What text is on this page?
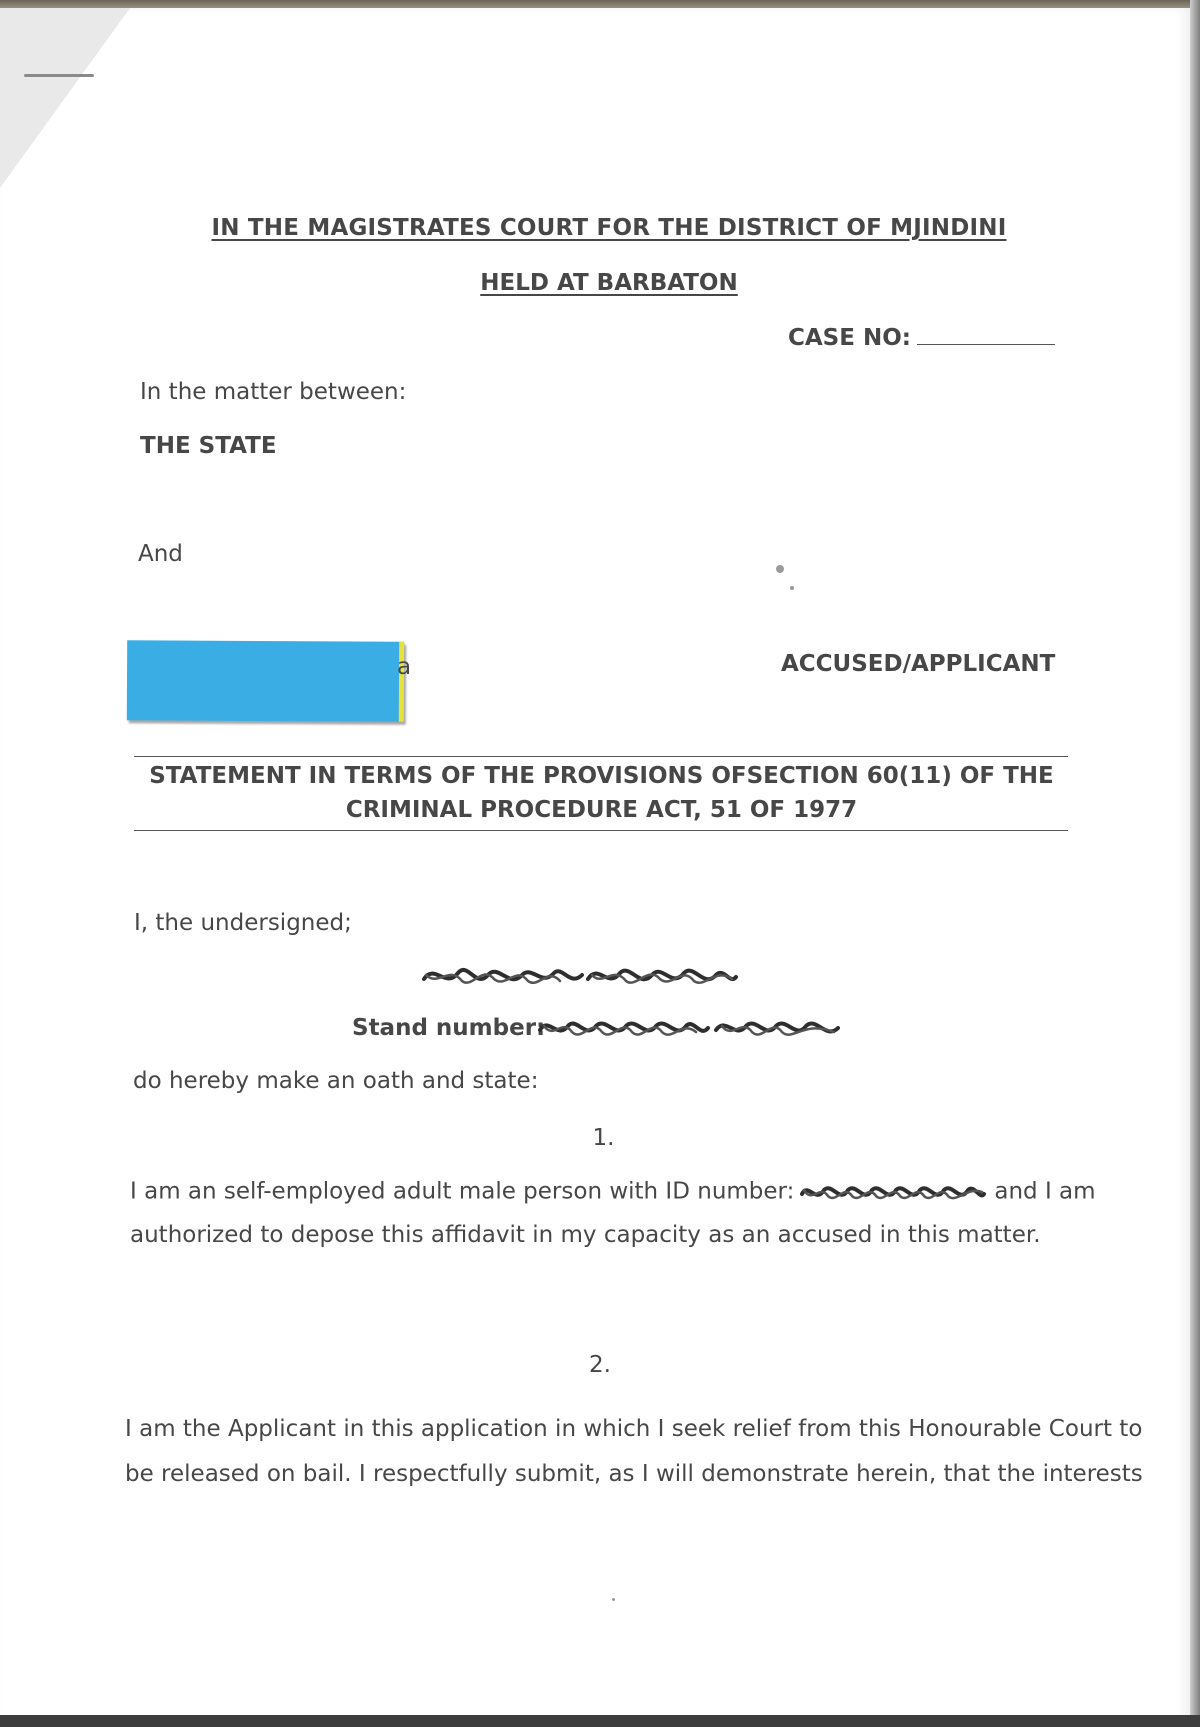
IN THE MAGISTRATES COURT FOR THE DISTRICT OF MJINDINI
HELD AT BARBATON
CASE NO:
In the matter between:
THE STATE
And
a	ACCUSED/APPLICANT
STATEMENT IN TERMS OF THE PROVISIONS OFSECTION 60(11) OF THE
CRIMINAL PROCEDURE ACT, 51 OF 1977
I, the undersigned;
Stand number:
do hereby make an oath and state:
1.
I am an self-employed adult male person with ID number:	and I am
authorized to depose this affidavit in my capacity as an accused in this matter.
2.
I am the Applicant in this application in which I seek relief from this Honourable Court to
be released on bail. I respectfully submit, as I will demonstrate herein, that the interests
